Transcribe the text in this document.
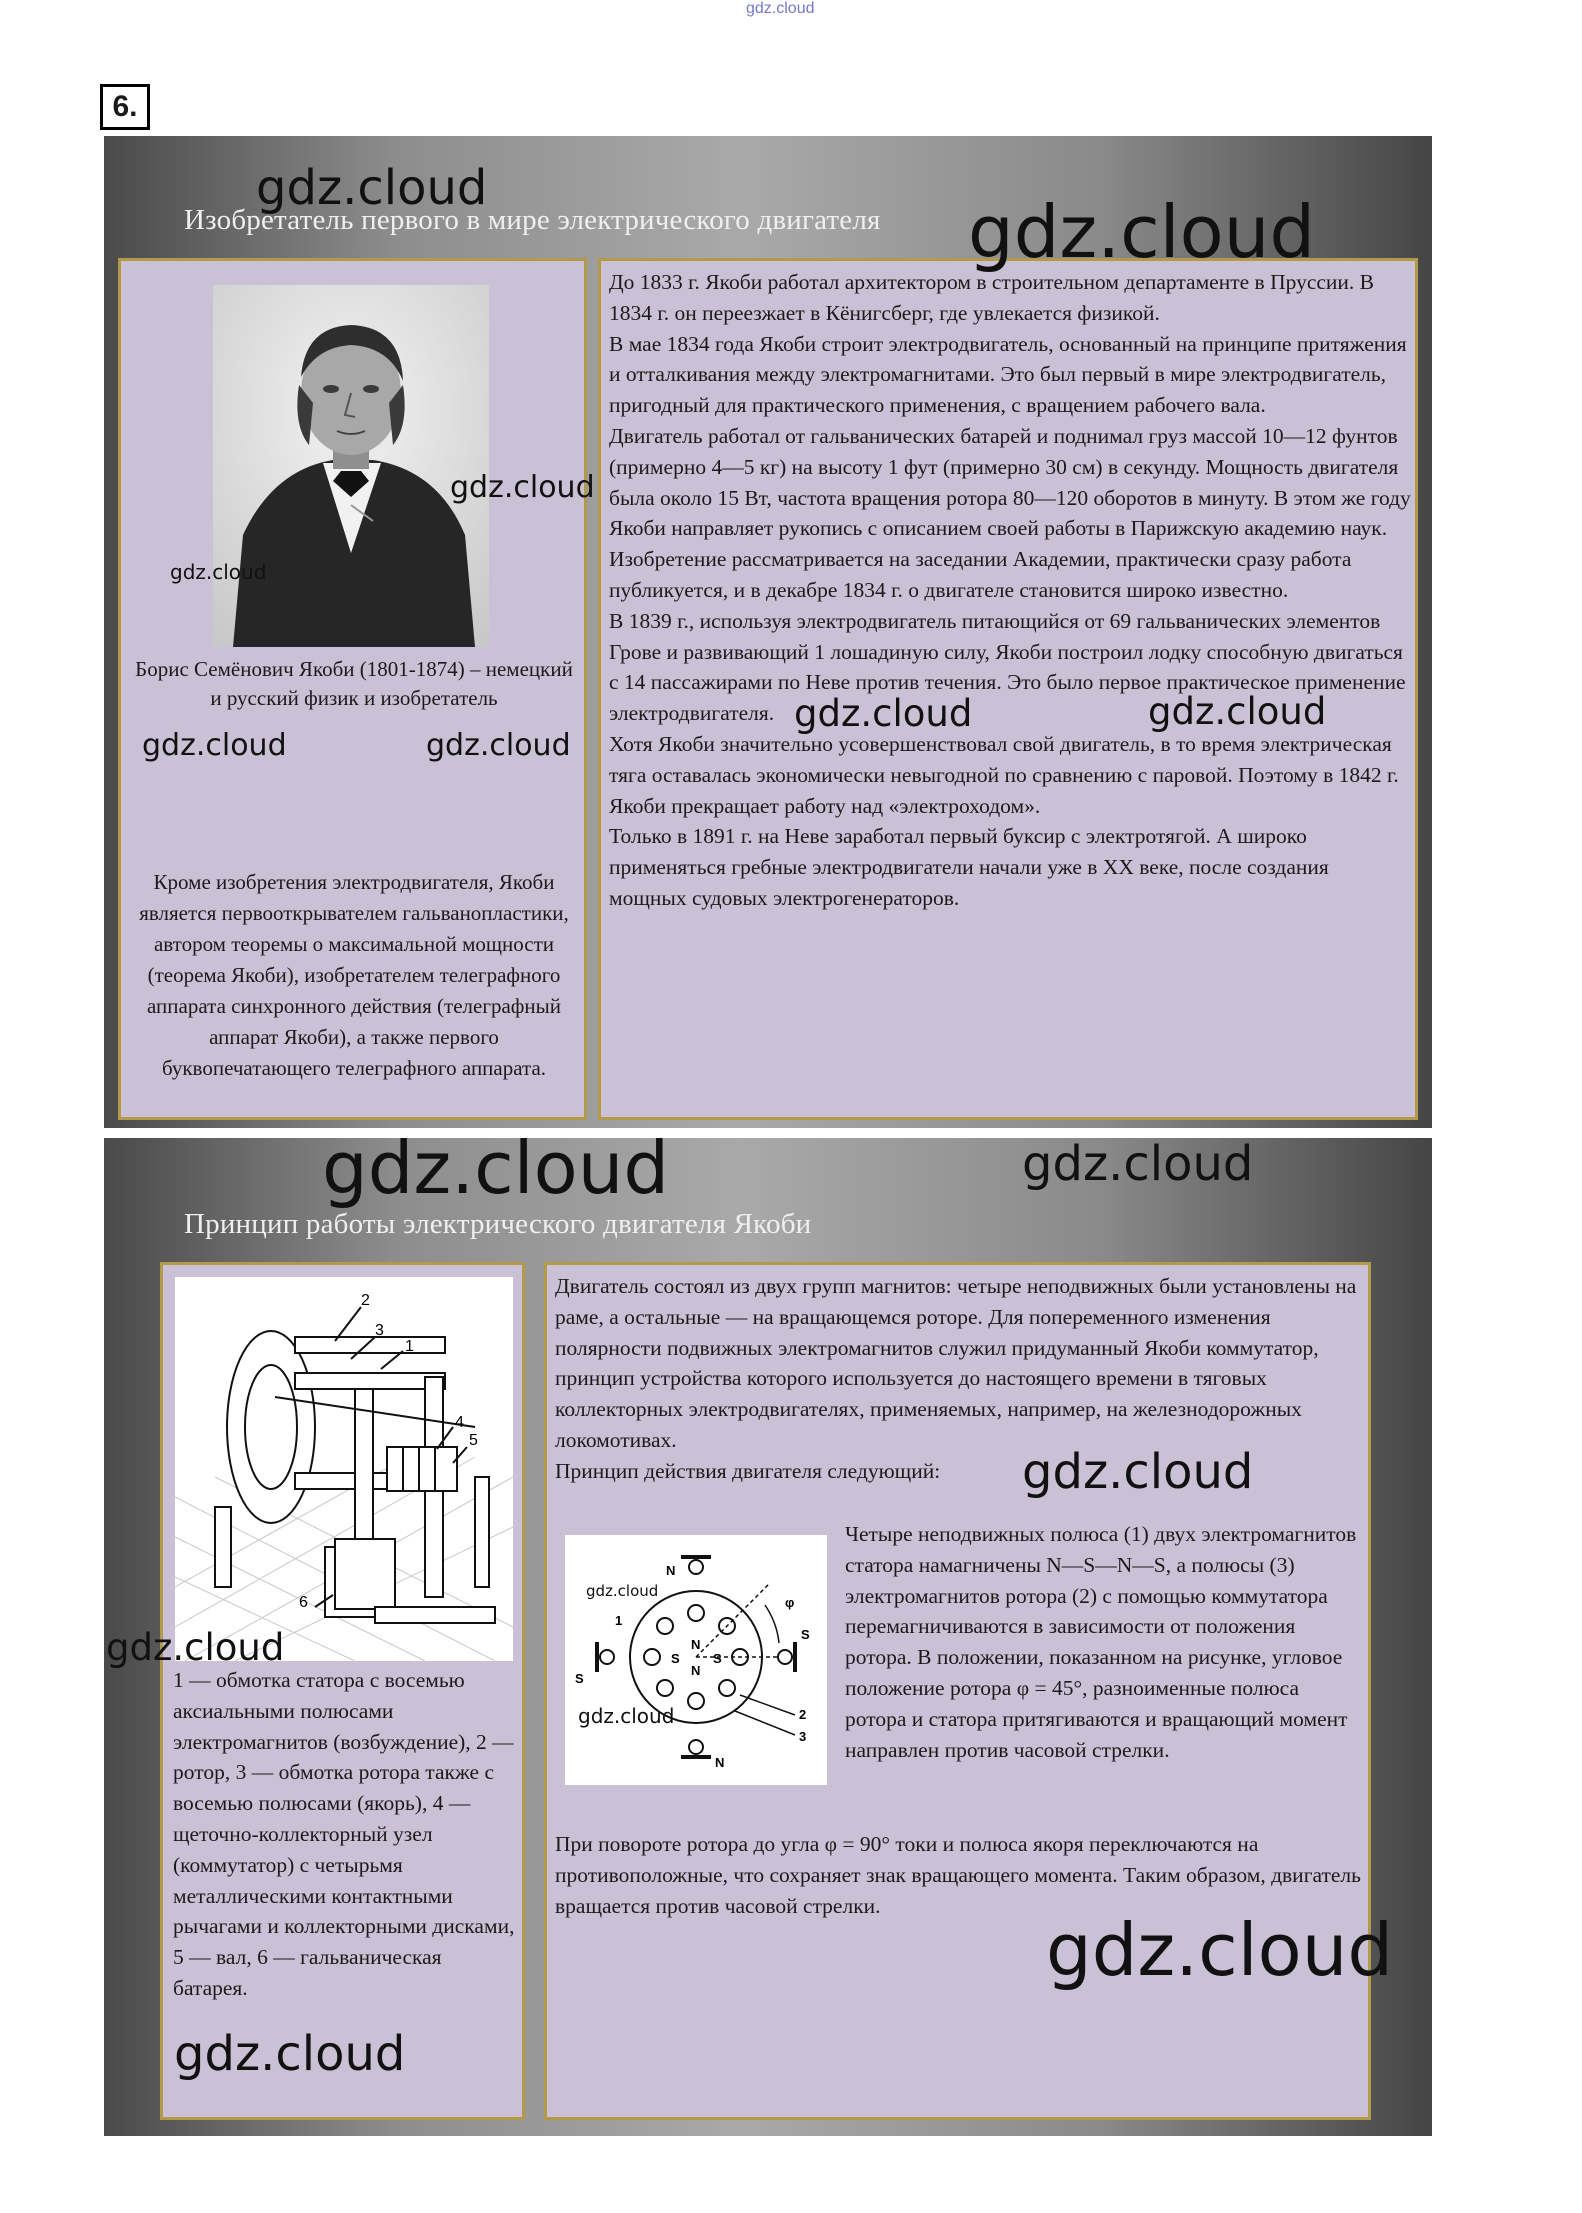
gdz.cloud
6.
Изобретатель первого в мире электрического двигателя
Борис Семёнович Якоби (1801-1874) – немецкий и русский физик и изобретатель
Кроме изобретения электродвигателя, Якоби является первооткрывателем гальванопластики, автором теоремы о максимальной мощности (теорема Якоби), изобретателем телеграфного аппарата синхронного действия (телеграфный аппарат Якоби), а также первого буквопечатающего телеграфного аппарата.

До 1833 г. Якоби работал архитектором в строительном департаменте в Пруссии. В 1834 г. он переезжает в Кёнигсберг, где увлекается физикой.

В мае 1834 года Якоби строит электродвигатель, основанный на принципе притяжения и отталкивания между электромагнитами. Это был первый в мире электродвигатель, пригодный для практического применения, с вращением рабочего вала.

Двигатель работал от гальванических батарей и поднимал груз массой 10—12 фунтов (примерно 4—5 кг) на высоту 1 фут (примерно 30 см) в секунду. Мощность двигателя была около 15 Вт, частота вращения ротора 80—120 оборотов в минуту. В этом же году Якоби направляет рукопись с описанием своей работы в Парижскую академию наук. Изобретение рассматривается на заседании Академии, практически сразу работа публикуется, и в декабре 1834 г. о двигателе становится широко известно.

В 1839 г., используя электродвигатель питающийся от 69 гальванических элементов Грове и развивающий 1 лошадиную силу, Якоби построил лодку способную двигаться с 14 пассажирами по Неве против течения. Это было первое практическое применение электродвигателя.

Хотя Якоби значительно усовершенствовал свой двигатель, в то время электрическая тяга оставалась экономически невыгодной по сравнению с паровой. Поэтому в 1842 г. Якоби прекращает работу над «электроходом».

Только в 1891 г. на Неве заработал первый буксир с электротягой. А широко применяться гребные электродвигатели начали уже в XX веке, после создания мощных судовых электрогенераторов.

Принцип работы электрического двигателя Якоби
2
3
1
4
5
6
1 — обмотка статора с восемью аксиальными полюсами электромагнитов (возбуждение), 2 — ротор, 3 — обмотка ротора также с восемью полюсами (якорь), 4 — щеточно-коллекторный узел (коммутатор) с четырьмя металлическими контактными рычагами и коллекторными дисками, 5 — вал, 6 — гальваническая батарея.

Двигатель состоял из двух групп магнитов: четыре неподвижных были установлены на раме, а остальные — на вращающемся роторе. Для попеременного изменения полярности подвижных электромагнитов служил придуманный Якоби коммутатор, принцип устройства которого используется до настоящего времени в тяговых коллекторных электродвигателях, применяемых, например, на железнодорожных локомотивах.

Принцип действия двигателя следующий:

N
N
S
S
N
N
S	S
φ
2
3
1
Четыре неподвижных полюса (1) двух электромагнитов статора намагничены N—S—N—S, а полюсы (3) электромагнитов ротора (2) с помощью коммутатора перемагничиваются в зависимости от положения ротора. В положении, показанном на рисунке, угловое положение ротора φ = 45°, разноименные полюса ротора и статора притягиваются и вращающий момент направлен против часовой стрелки.
При повороте ротора до угла φ = 90° токи и полюса якоря переключаются на противоположные, что сохраняет знак вращающего момента. Таким образом, двигатель вращается против часовой стрелки.
gdz.cloud
gdz.cloud
gdz.cloud
gdz.cloud
gdz.cloud	gdz.cloud
gdz.cloud	gdz.cloud
gdz.cloud	gdz.cloud
gdz.cloud
gdz.cloud
gdz.cloud
gdz.cloud
gdz.cloud
gdz.cloud
